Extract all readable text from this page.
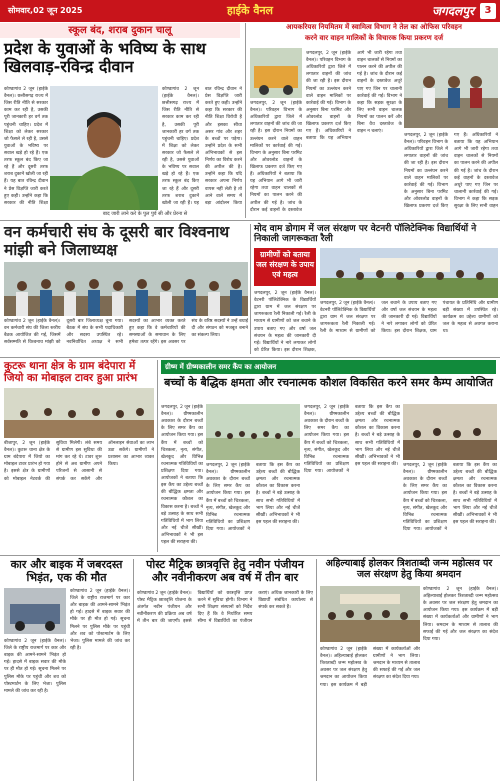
सोमवार,02 जून 2025	हाईके वैनल	जगदलपुर	3
स्कूल बंद, शराब दुकान चालू
प्रदेश के युवाओं के भविष्य के साथ खिलवाड़-रविन्द्र दीवान
कोण्डागांव 2 जून (हाईके वैनल)। छत्तीसगढ़ राज्य में जिस रीति नीति से सरकार काम कर रही है, उसकी पूरी जानकारी हर वर्ग तक पहुंचनी चाहिए। प्रदेश में शिक्षा को लेकर सरकार जो फैसले ले रही है, उससे युवाओं के भविष्य पर सवाल खड़े हो रहे हैं। एक तरफ स्कूल बंद किए जा रहे हैं और दूसरी तरफ शराब दुकानें खोली जा रही हैं। यह बात रविन्द्र दीवान ने प्रेस विज्ञप्ति जारी करते हुए कही। उन्होंने कहा कि सरकार की नीति शिक्षा
बाद जारी लाने करे के पुल पुर्व सी और प्रेरना से
कोण्डागांव 2 जून (हाईके वैनल)। छत्तीसगढ़ राज्य में जिस रीति नीति से सरकार काम कर रही है, उसकी पूरी जानकारी हर वर्ग तक पहुंचनी चाहिए। प्रदेश में शिक्षा को लेकर सरकार जो फैसले ले रही है, उससे युवाओं के भविष्य पर सवाल खड़े हो रहे हैं। एक तरफ स्कूल बंद किए जा रहे हैं और दूसरी तरफ शराब दुकानें खोली जा रही हैं। यह बात रविन्द्र दीवान ने प्रेस विज्ञप्ति जारी करते हुए कही। उन्होंने कहा कि सरकार की नीति शिक्षा विरोधी है और इसका सीधा असर गांव और शहर के बच्चों पर पड़ेगा। उन्होंने प्रदेश के सभी अभिभावकों से इस निर्णय का विरोध करने की अपील की है। उन्होंने कहा कि यदि सरकार अपना निर्णय वापस नहीं लेती है तो आने वाले समय में बड़ा आंदोलन किया
आयकरियस नियमितम में स्वामित्व विभाग ने तेल का ओफिस परिवहन
करने वार वाहन मालिकों के विचारक किया प्रकरण दर्ज
जगदलपुर, 2 जून (हाईके वैनल)। परिवहन विभाग के अधिकारियों द्वारा जिले में लगातार वाहनों की जांच की जा रही है। इस दौरान नियमों का उल्लंघन करने वाले वाहन मालिकों पर कार्रवाई की गई। विभाग के अनुसार बिना परमिट और ओवरलोड वाहनों के खिलाफ प्रकरण दर्ज किए गए हैं। अधिकारियों ने बताया कि यह अभियान आगे भी जारी रहेगा तथा वाहन चालकों से नियमों का पालन करने की अपील की गई है। जांच के दौरान कई वाहनों के दस्तावेज
जगदलपुर, 2 जून (हाईके वैनल)। परिवहन विभाग के अधिकारियों द्वारा जिले में लगातार वाहनों की जांच की जा रही है। इस दौरान नियमों का उल्लंघन करने वाले वाहन मालिकों पर कार्रवाई की गई। विभाग के अनुसार बिना परमिट और ओवरलोड वाहनों के खिलाफ प्रकरण दर्ज किए गए हैं। अधिकारियों ने बताया कि यह अभियान आगे भी जारी रहेगा तथा वाहन चालकों से नियमों का पालन करने की अपील की गई है। जांच के दौरान कई वाहनों के दस्तावेज अधूरे पाए गए जिन पर चालानी कार्रवाई की गई। विभाग ने कहा कि सड़क सुरक्षा के लिए सभी वाहन चालक नियमों का पालन करें और बिना वैध दस्तावेज के वाहन न चलाएं।
जगदलपुर, 2 जून (हाईके वैनल)। परिवहन विभाग के अधिकारियों द्वारा जिले में लगातार वाहनों की जांच की जा रही है। इस दौरान नियमों का उल्लंघन करने वाले वाहन मालिकों पर कार्रवाई की गई। विभाग के अनुसार बिना परमिट और ओवरलोड वाहनों के खिलाफ प्रकरण दर्ज किए गए हैं। अधिकारियों ने बताया कि यह अभियान आगे भी जारी रहेगा तथा वाहन चालकों से नियमों का पालन करने की अपील की गई है। जांच के दौरान कई वाहनों के दस्तावेज अधूरे पाए गए जिन पर चालानी कार्रवाई की गई। विभाग ने कहा कि सड़क सुरक्षा के लिए सभी वाहन
वन कर्मचारी संघ के दूसरी बार विश्वनाथ मांझी बने जिलाध्यक्ष
कोण्डागांव 2 जून (हाईके वैनल)। वन कर्मचारी संघ की जिला स्तरीय बैठक आयोजित की गई, जिसमें सर्वसम्मति से विश्वनाथ मांझी को दूसरी बार जिलाध्यक्ष चुना गया। बैठक में संघ के सभी पदाधिकारी और सदस्य उपस्थित रहे। नवनिर्वाचित अध्यक्ष ने सभी सदस्यों का आभार व्यक्त करते हुए कहा कि वे कर्मचारियों की समस्याओं के समाधान के लिए हमेशा तत्पर रहेंगे। इस अवसर पर संघ के वरिष्ठ सदस्यों ने उन्हें बधाई दी और संगठन को मजबूत बनाने का संकल्प लिया।
मोद वाम डोगाम में जल संरक्षण पर वेटनरी पॉलिटेक्निक विद्यार्थियों ने निकाली जागरूकता रैली
ग्रामीणों को बताया जल संरक्षण के उपाय एवं महत्व
जगदलपुर, 2 जून (हाईके वैनल)। वेटनरी पॉलिटेक्निक के विद्यार्थियों द्वारा ग्राम में जल संरक्षण पर जागरूकता रैली निकाली गई। रैली के माध्यम से ग्रामीणों को जल बचाने के उपाय बताए गए और वर्षा जल संचयन के महत्व की जानकारी दी गई। विद्यार्थियों ने नारे लगाकर लोगों को प्रेरित किया। इस दौरान शिक्षक,
जगदलपुर, 2 जून (हाईके वैनल)। वेटनरी पॉलिटेक्निक के विद्यार्थियों द्वारा ग्राम में जल संरक्षण पर जागरूकता रैली निकाली गई। रैली के माध्यम से ग्रामीणों को जल बचाने के उपाय बताए गए और वर्षा जल संचयन के महत्व की जानकारी दी गई। विद्यार्थियों ने नारे लगाकर लोगों को प्रेरित किया। इस दौरान शिक्षक, ग्राम पंचायत के प्रतिनिधि और ग्रामीण बड़ी संख्या में उपस्थित रहे। कार्यक्रम का उद्देश्य ग्रामीणों को जल के महत्व से अवगत कराना था।
कुटरू थाना क्षेत्र के ग्राम बंदेपारा में जियो का मोबाइल टावर हुआ प्रारंभ
बीजापुर, 2 जून (हाईके वैनल)। कुटरू थाना क्षेत्र के ग्राम बंदेपारा में जियो का मोबाइल टावर प्रारंभ हो गया है। इससे क्षेत्र के ग्रामीणों को मोबाइल नेटवर्क की सुविधा मिलेगी। लंबे समय से ग्रामीण इस सुविधा की मांग कर रहे थे। टावर शुरू होने से अब ग्रामीण अपने परिजनों से आसानी से संपर्क कर सकेंगे और ऑनलाइन सेवाओं का लाभ उठा सकेंगे। ग्रामीणों ने प्रशासन का आभार व्यक्त किया।
ग्रीष्म में ग्रीष्मकालीन समर कैंप का आयोजन
बच्चों के बैद्धिक क्षमता और रचनात्मक कौशल विकसित करने समर कैम्प आयोजित
जगदलपुर, 2 जून (हाईके वैनल)। ग्रीष्मकालीन अवकाश के दौरान बच्चों के लिए समर कैंप का आयोजन किया गया। इस कैंप में बच्चों को चित्रकला, नृत्य, संगीत, खेलकूद और विभिन्न रचनात्मक गतिविधियों का प्रशिक्षण दिया गया। आयोजकों ने बताया कि इस कैंप का उद्देश्य बच्चों की बौद्धिक क्षमता और रचनात्मक कौशल का विकास करना है। बच्चों ने बड़े उत्साह के साथ सभी गतिविधियों में भाग लिया और नई चीजें सीखीं। अभिभावकों ने भी इस पहल की सराहना की।
जगदलपुर, 2 जून (हाईके वैनल)। ग्रीष्मकालीन अवकाश के दौरान बच्चों के लिए समर कैंप का आयोजन किया गया। इस कैंप में बच्चों को चित्रकला, नृत्य, संगीत, खेलकूद और विभिन्न रचनात्मक गतिविधियों का प्रशिक्षण दिया गया। आयोजकों ने बताया कि इस कैंप का उद्देश्य बच्चों की बौद्धिक क्षमता और रचनात्मक कौशल का विकास करना है। बच्चों ने बड़े उत्साह के साथ सभी गतिविधियों में भाग लिया और नई चीजें सीखीं। अभिभावकों ने भी इस पहल की सराहना की।
जगदलपुर, 2 जून (हाईके वैनल)। ग्रीष्मकालीन अवकाश के दौरान बच्चों के लिए समर कैंप का आयोजन किया गया। इस कैंप में बच्चों को चित्रकला, नृत्य, संगीत, खेलकूद और विभिन्न रचनात्मक गतिविधियों का प्रशिक्षण दिया गया। आयोजकों ने बताया कि इस कैंप का उद्देश्य बच्चों की बौद्धिक क्षमता और रचनात्मक कौशल का विकास करना है। बच्चों ने बड़े उत्साह के साथ सभी गतिविधियों में भाग लिया और नई चीजें सीखीं। अभिभावकों ने भी इस पहल की सराहना की।	जगदलपुर, 2 जून (हाईके वैनल)। ग्रीष्मकालीन अवकाश के दौरान बच्चों के लिए समर कैंप का आयोजन किया गया। इस कैंप में बच्चों को चित्रकला, नृत्य, संगीत, खेलकूद और विभिन्न रचनात्मक गतिविधियों का प्रशिक्षण दिया गया। आयोजकों ने बताया कि इस कैंप का उद्देश्य बच्चों की बौद्धिक क्षमता और रचनात्मक कौशल का विकास करना है। बच्चों ने बड़े उत्साह के साथ सभी गतिविधियों में भाग लिया और नई चीजें सीखीं। अभिभावकों ने भी इस पहल की सराहना की।
कार और बाइक में जबरदस्त भिड़ंत, एक की मौत
कोण्डागांव 2 जून (हाईके वैनल)। जिले के राष्ट्रीय राजमार्ग पर कार और बाइक की आमने-सामने भिड़ंत हो गई। हादसे में बाइक सवार की मौके पर ही मौत हो गई। सूचना मिलने पर पुलिस मौके पर पहुंची और शव को पोस्टमार्टम के लिए भेजा। पुलिस मामले की जांच कर रही है।
कोण्डागांव 2 जून (हाईके वैनल)। जिले के राष्ट्रीय राजमार्ग पर कार और बाइक की आमने-सामने भिड़ंत हो गई। हादसे में बाइक सवार की मौके पर ही मौत हो गई। सूचना मिलने पर पुलिस मौके पर पहुंची और शव को पोस्टमार्टम के लिए भेजा। पुलिस मामले की जांच कर रही है।
पोस्ट मैट्रिक छात्रवृत्ति हेतु नवीन पंजीयन और नवीनीकरण अब वर्ष में तीन बार
कोण्डागांव 2 जून (हाईके वैनल)। पोस्ट मैट्रिक छात्रवृत्ति योजना के अंतर्गत नवीन पंजीयन और नवीनीकरण की प्रक्रिया अब वर्ष में तीन बार की जाएगी। इससे विद्यार्थियों को छात्रवृत्ति प्राप्त करने में सुविधा होगी। विभाग ने सभी शिक्षण संस्थानों को निर्देश दिए हैं कि वे निर्धारित समय सीमा में विद्यार्थियों का पंजीयन कराएं। अधिक जानकारी के लिए विद्यार्थी संबंधित कार्यालय से संपर्क कर सकते हैं।
अहिल्याबाई होलकर त्रिशताब्दी जन्म महोत्सव पर जल संरक्षण हेतु किया श्रमदान
कोण्डागांव 2 जून (हाईके वैनल)। अहिल्याबाई होलकर त्रिशताब्दी जन्म महोत्सव के अवसर पर जल संरक्षण हेतु श्रमदान का आयोजन किया गया। इस कार्यक्रम में बड़ी संख्या में कार्यकर्ताओं और ग्रामीणों ने भाग लिया। श्रमदान के माध्यम से तालाब की सफाई की गई और जल संरक्षण का संदेश दिया गया।
कोण्डागांव 2 जून (हाईके वैनल)। अहिल्याबाई होलकर त्रिशताब्दी जन्म महोत्सव के अवसर पर जल संरक्षण हेतु श्रमदान का आयोजन किया गया। इस कार्यक्रम में बड़ी संख्या में कार्यकर्ताओं और ग्रामीणों ने भाग लिया। श्रमदान के माध्यम से तालाब की सफाई की गई और जल संरक्षण का संदेश दिया गया।
